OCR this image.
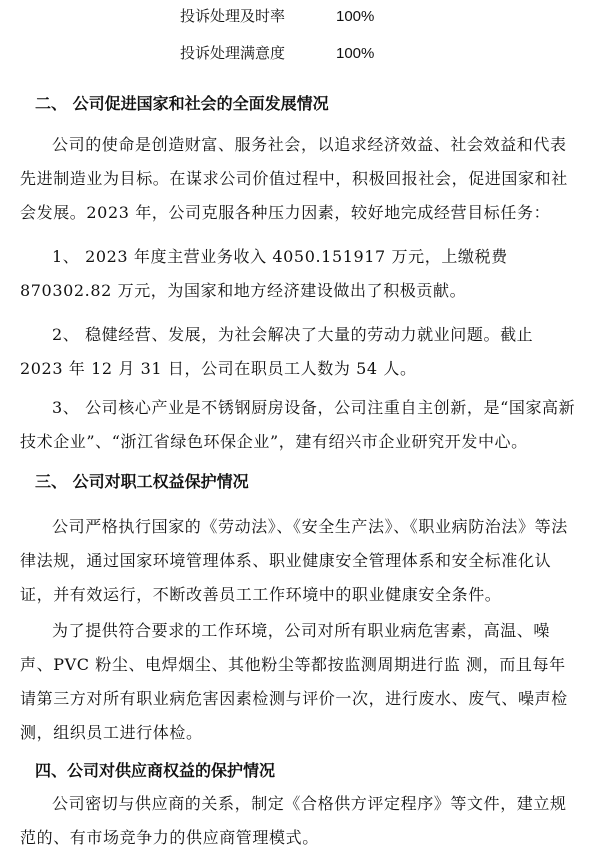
投诉处理及时率	100%
投诉处理满意度	100%
二、 公司促进国家和社会的全面发展情况
公司的使命是创造财富、服务社会，以追求经济效益、社会效益和代表先进制造业为目标。在谋求公司价值过程中，积极回报社会，促进国家和社会发展。2023 年，公司克服各种压力因素，较好地完成经营目标任务：
1、 2023 年度主营业务收入 4050.151917 万元，上缴税费 870302.82 万元，为国家和地方经济建设做出了积极贡献。
2、 稳健经营、发展，为社会解决了大量的劳动力就业问题。截止 2023 年 12 月 31 日，公司在职员工人数为 54 人。
3、 公司核心产业是不锈钢厨房设备，公司注重自主创新，是“国家高新技术企业”、“浙江省绿色环保企业”，建有绍兴市企业研究开发中心。
三、 公司对职工权益保护情况
公司严格执行国家的《劳动法》、《安全生产法》、《职业病防治法》等法律法规，通过国家环境管理体系、职业健康安全管理体系和安全标准化认证，并有效运行，不断改善员工工作环境中的职业健康安全条件。
为了提供符合要求的工作环境，公司对所有职业病危害素，高温、噪声、PVC 粉尘、电焊烟尘、其他粉尘等都按监测周期进行监 测，而且每年请第三方对所有职业病危害因素检测与评价一次，进行废水、废气、噪声检测，组织员工进行体检。
四、公司对供应商权益的保护情况
公司密切与供应商的关系，制定《合格供方评定程序》等文件，建立规范的、有市场竞争力的供应商管理模式。
